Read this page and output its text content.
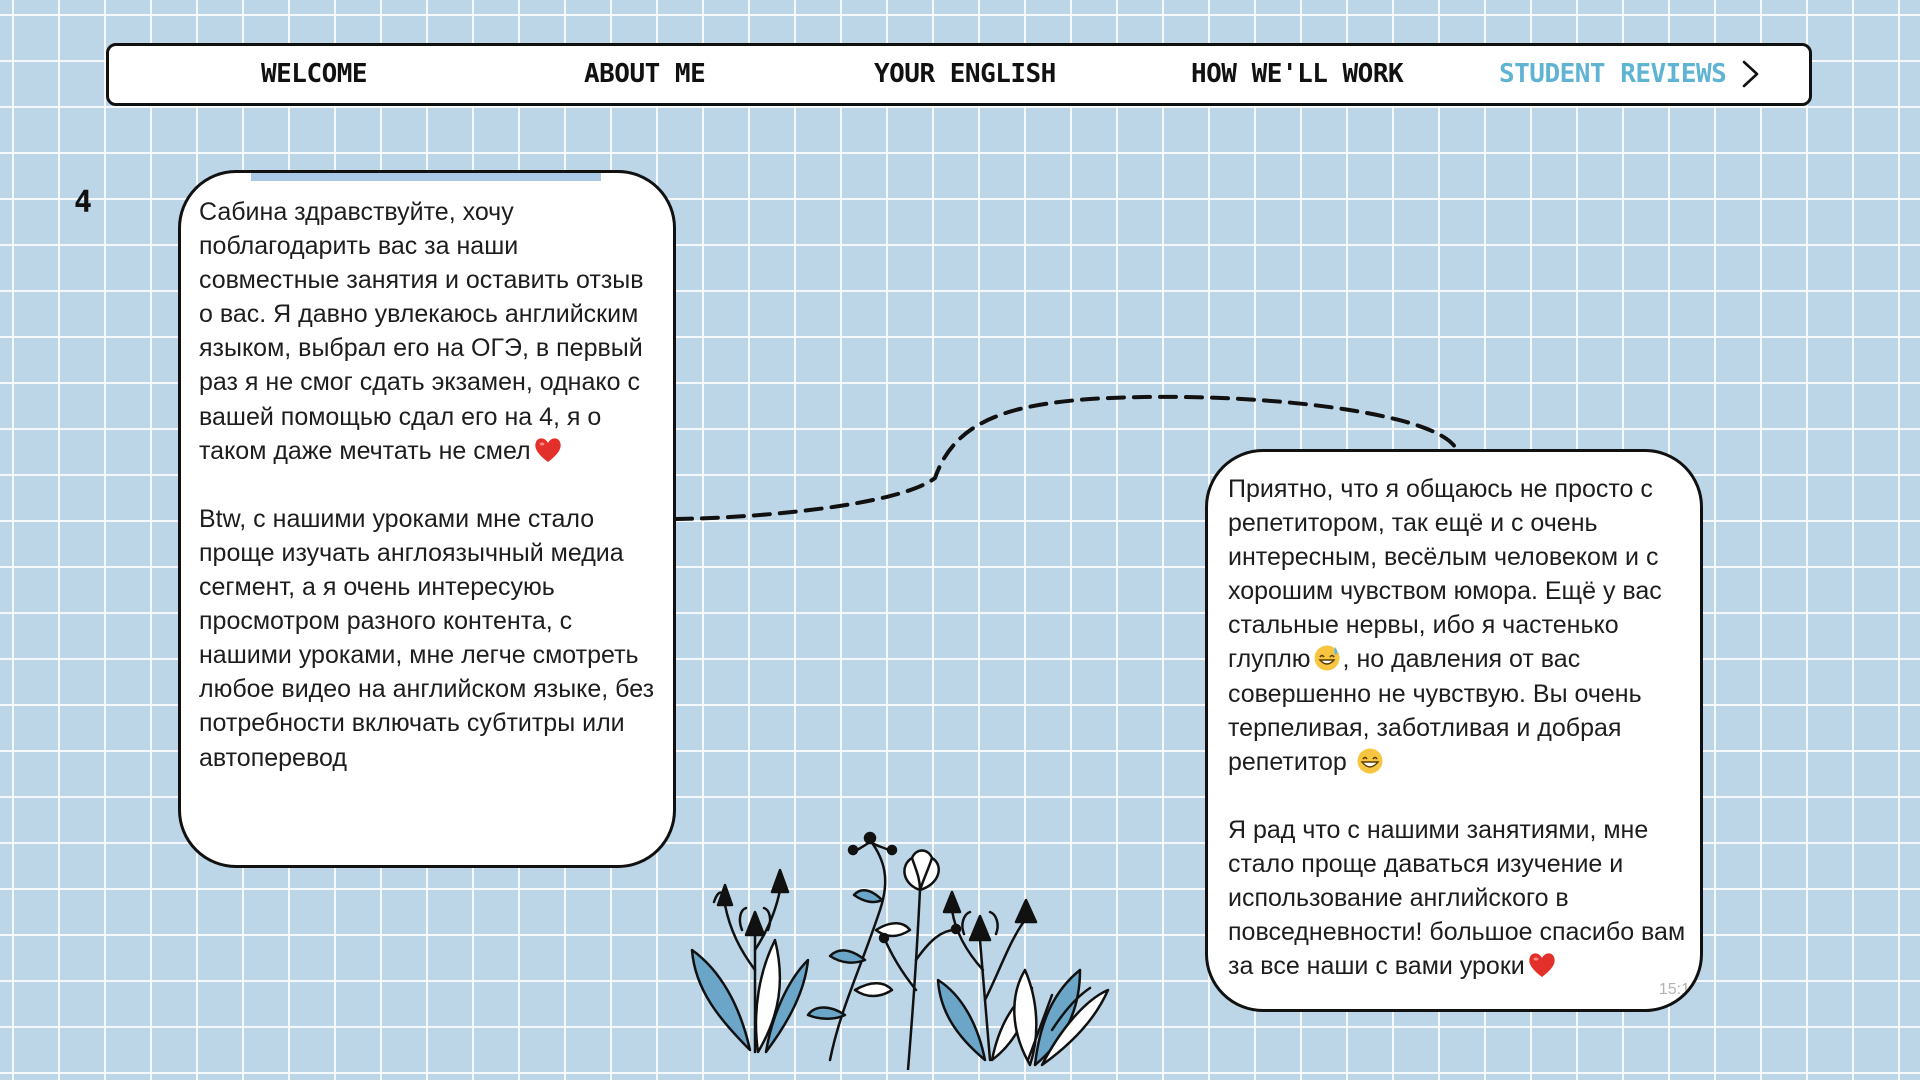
WELCOME	ABOUT ME	YOUR ENGLISH	HOW WE'LL WORK	STUDENT REVIEWS
4	Сабина здравствуйте, хочу поблагодарить вас за наши совместные занятия и оставить отзыв о вас. Я давно увлекаюсь английским языком, выбрал его на ОГЭ, в первый раз я не смог сдать экзамен, однако с вашей помощью сдал его на 4, я о таком даже мечтать не смел

Btw, с нашими уроками мне стало проще изучать англоязычный медиа сегмент, а я очень интересуюь просмотром разного контента, с нашими уроками, мне легче смотреть любое видео на английском языке, без потребности включать субтитры или автоперевод

Приятно, что я общаюсь не просто с репетитором, так ещё и с очень интересным, весёлым человеком и с хорошим чувством юмора. Ещё у вас стальные нервы, ибо я частенько глуплю , но давления от вас совершенно не чувствую. Вы очень терпеливая, заботливая и добрая репетитор

Я рад что с нашими занятиями, мне стало проще даваться изучение и использование английского в повседневности! большое спасибо вам за все наши с вами уроки

15:1
